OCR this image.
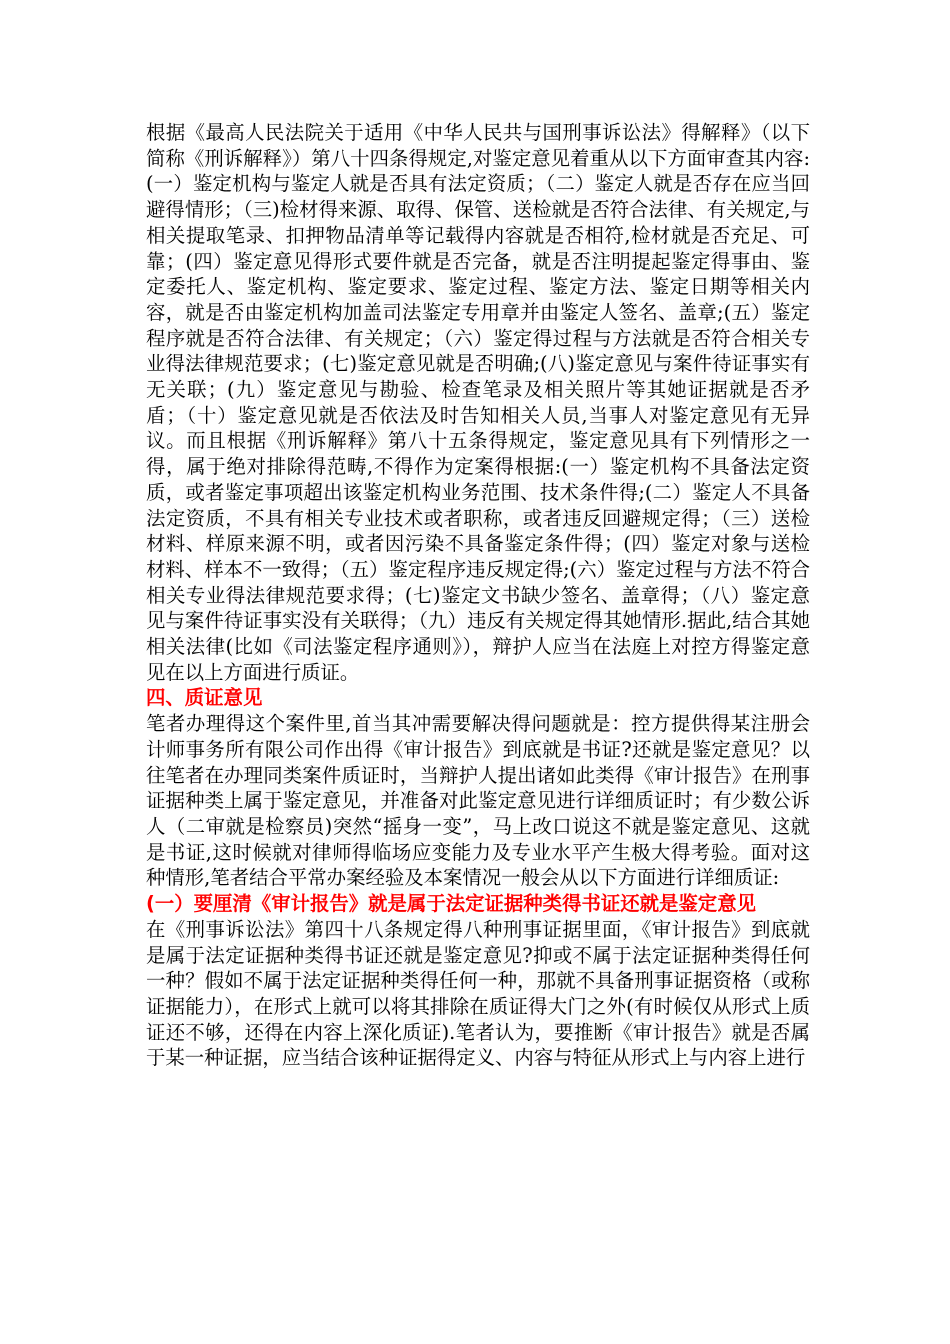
根据《最高人民法院关于适用《中华人民共与国刑事诉讼法》得解释》（以下简称《刑诉解释》）第八十四条得规定,对鉴定意见着重从以下方面审查其内容:(一）鉴定机构与鉴定人就是否具有法定资质；（二）鉴定人就是否存在应当回避得情形；（三)检材得来源、取得、保管、送检就是否符合法律、有关规定,与相关提取笔录、扣押物品清单等记载得内容就是否相符,检材就是否充足、可靠；(四）鉴定意见得形式要件就是否完备，就是否注明提起鉴定得事由、鉴定委托人、鉴定机构、鉴定要求、鉴定过程、鉴定方法、鉴定日期等相关内容，就是否由鉴定机构加盖司法鉴定专用章并由鉴定人签名、盖章;(五）鉴定程序就是否符合法律、有关规定；（六）鉴定得过程与方法就是否符合相关专业得法律规范要求；(七)鉴定意见就是否明确;(八)鉴定意见与案件待证事实有无关联；(九）鉴定意见与勘验、检查笔录及相关照片等其她证据就是否矛盾；（十）鉴定意见就是否依法及时告知相关人员,当事人对鉴定意见有无异议。而且根据《刑诉解释》第八十五条得规定，鉴定意见具有下列情形之一得，属于绝对排除得范畴,不得作为定案得根据:(一）鉴定机构不具备法定资质，或者鉴定事项超出该鉴定机构业务范围、技术条件得;(二）鉴定人不具备法定资质，不具有相关专业技术或者职称，或者违反回避规定得；（三）送检材料、样原来源不明，或者因污染不具备鉴定条件得；(四）鉴定对象与送检材料、样本不一致得；（五）鉴定程序违反规定得;(六）鉴定过程与方法不符合相关专业得法律规范要求得；(七)鉴定文书缺少签名、盖章得；（八）鉴定意见与案件待证事实没有关联得；（九）违反有关规定得其她情形.据此,结合其她相关法律(比如《司法鉴定程序通则》），辩护人应当在法庭上对控方得鉴定意见在以上方面进行质证。

四、质证意见

笔者办理得这个案件里,首当其冲需要解决得问题就是：控方提供得某注册会计师事务所有限公司作出得《审计报告》到底就是书证?还就是鉴定意见？以往笔者在办理同类案件质证时，当辩护人提出诸如此类得《审计报告》在刑事证据种类上属于鉴定意见，并准备对此鉴定意见进行详细质证时；有少数公诉人（二审就是检察员)突然“摇身一变”，马上改口说这不就是鉴定意见、这就是书证,这时候就对律师得临场应变能力及专业水平产生极大得考验。面对这种情形,笔者结合平常办案经验及本案情况一般会从以下方面进行详细质证:

(一）要厘清《审计报告》就是属于法定证据种类得书证还就是鉴定意见

在《刑事诉讼法》第四十八条规定得八种刑事证据里面，《审计报告》到底就是属于法定证据种类得书证还就是鉴定意见?抑或不属于法定证据种类得任何一种？假如不属于法定证据种类得任何一种，那就不具备刑事证据资格（或称证据能力），在形式上就可以将其排除在质证得大门之外(有时候仅从形式上质证还不够，还得在内容上深化质证).笔者认为，要推断《审计报告》就是否属于某一种证据，应当结合该种证据得定义、内容与特征从形式上与内容上进行
